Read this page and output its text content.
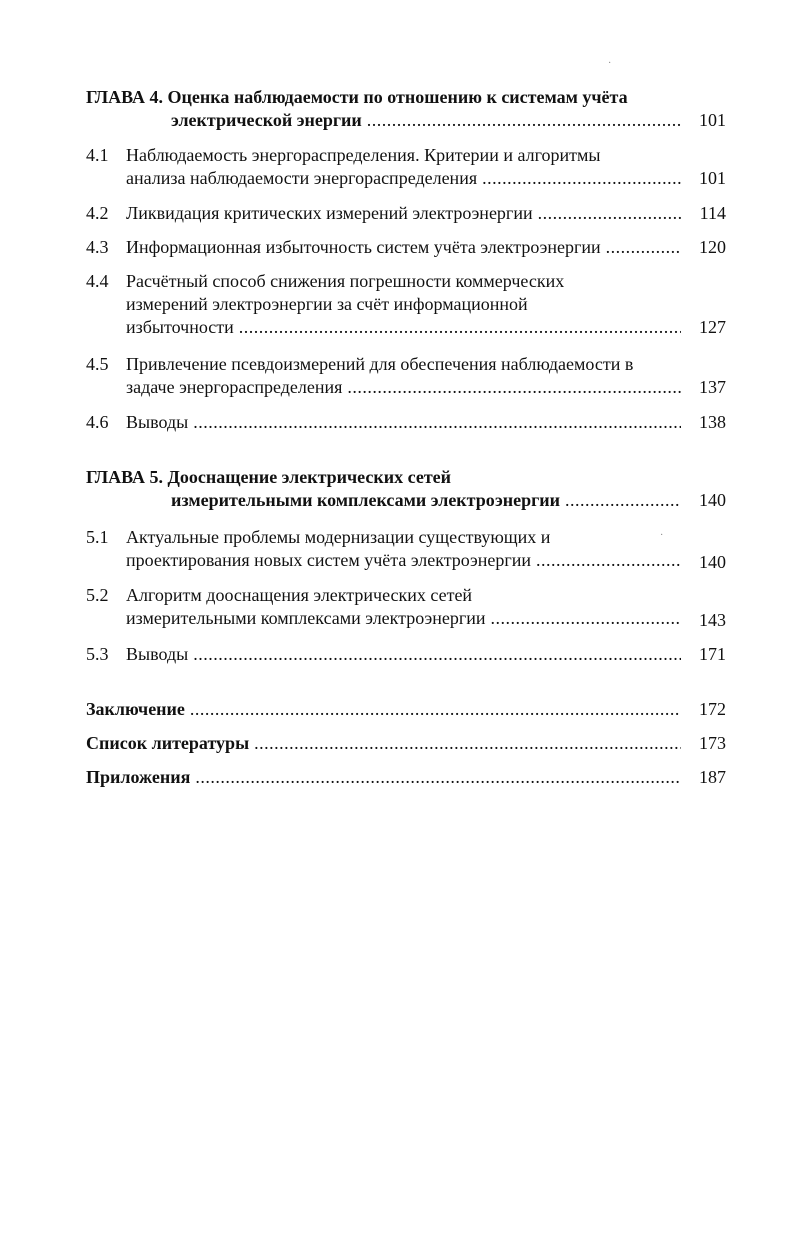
ГЛАВА 4. Оценка наблюдаемости по отношению к системам учёта
электрической энергии .....	101
4.1 Наблюдаемость энергораспределения. Критерии и алгоритмы
анализа наблюдаемости энергораспределения .....	101
4.2 Ликвидация критических измерений электроэнергии .....	114
4.3 Информационная избыточность систем учёта электроэнергии .....	120
4.4 Расчётный способ снижения погрешности коммерческих
измерений электроэнергии за счёт информационной
избыточности .....	127
4.5 Привлечение псевдоизмерений для обеспечения наблюдаемости в
задаче энергораспределения .....	137
4.6 Выводы .....	138
ГЛАВА 5. Дооснащение электрических сетей
измерительными комплексами электроэнергии .....	140
5.1 Актуальные проблемы модернизации существующих и
проектирования новых систем учёта электроэнергии .....	140
5.2 Алгоритм дооснащения электрических сетей
измерительными комплексами электроэнергии .....	143
5.3 Выводы .....	171
Заключение .....	172
Список литературы .....	173
Приложения .....	187
·
·
